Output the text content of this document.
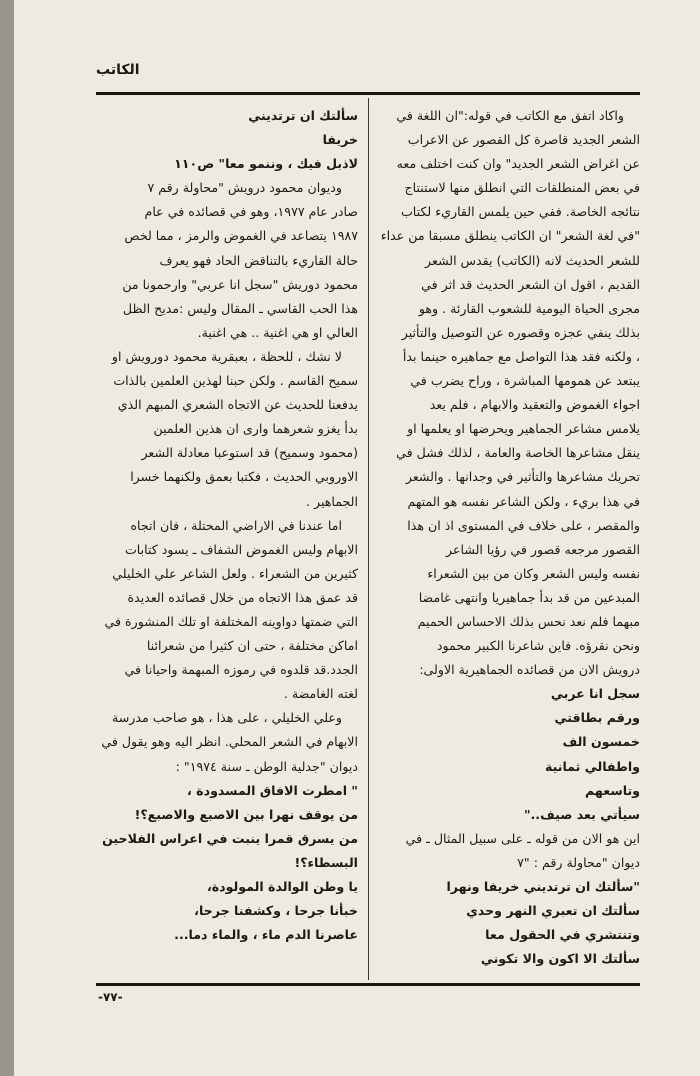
الكاتب
واكاد اتفق مع الكاتب في قوله:"ان اللغة في
الشعر الجديد قاصرة كل القصور عن الاعراب
عن اغراض الشعر الجديد" وان كنت اختلف معه
في بعض المنطلقات التي انطلق منها لاستنتاج
نتائجه الخاصة. ففي حين يلمس القاريء لكتاب
"في لغة الشعر" ان الكاتب ينطلق مسبقا من عداء
للشعر الحديث لانه (الكاتب) يقدس الشعر
القديم ، اقول ان الشعر الحديث قد اثر في
مجرى الحياة اليومية للشعوب القارئة . وهو
بذلك ينفي عجزه وقصوره عن التوصيل والتأثير
، ولكنه فقد هذا التواصل مع جماهيره حينما بدأ
يبتعد عن همومها المباشرة ، وراح يضرب في
اجواء الغموض والتعقيد والابهام ، فلم يعد
يلامس مشاعر الجماهير ويحرضها او يعلمها او
ينقل مشاعرها الخاصة والعامة ، لذلك فشل في
تحريك مشاعرها والتأثير في وجدانها . والشعر
في هذا بريء ، ولكن الشاعر نفسه هو المتهم
والمقصر ، على خلاف في المستوى اذ ان هذا
القصور مرجعه قصور في رؤيا الشاعر
نفسه وليس الشعر وكان من بين الشعراء
المبدعين من قد بدأ جماهيريا وانتهى غامضا
مبهما فلم نعد نحس بذلك الاحساس الحميم
ونحن نقرؤه. فاين شاعرنا الكبير محمود
درويش الان من قصائده الجماهيرية الاولى:
سجل انا عربي
ورقم بطاقتي
خمسون الف
واطفالي ثمانية
وتاسعهم
سيأتي بعد صيف.."
اين هو الان من قوله ـ على سبيل المثال ـ في
ديوان "محاولة رقم : "٧
"سألتك ان ترتديني خريفا ونهرا
سألتك ان تعبري النهر وحدي
وتنتشري في الحقول معا
سألتك الا اكون والا تكوني
سألتك ان ترتديني
خريفا
لاذبل فيك ، وننمو معا" ص١١٠
وديوان محمود درويش "محاولة رقم ٧
صادر عام ١٩٧٧، وهو في قصائده في عام
١٩٨٧ يتصاعد في الغموض والرمز ، مما لخص
حالة القاريء بالتناقض الحاد فهو يعرف
محمود دوريش "سجل انا عربي" وارحمونا من
هذا الحب القاسي ـ المقال وليس :مديح الظل
العالي او هي اغنية .. هي اغنية.
لا نشك ، للحظة ، بعبقرية محمود دورويش او
سميح القاسم . ولكن حبنا لهذين العلمين بالذات
يدفعنا للحديث عن الاتجاه الشعري المبهم الذي
بدأ يغزو شعرهما وارى ان هذين العلمين
(محمود وسميح) قد استوعبا معادلة الشعر
الاوروبي الحديث ، فكتبا بعمق ولكنهما خسرا
الجماهير .
اما عندنا في الاراضي المحتلة ، فان اتجاه
الابهام وليس الغموض الشفاف ـ يسود كتابات
كثيرين من الشعراء . ولعل الشاعر علي الخليلي
قد عمق هذا الاتجاه من خلال قصائده العديدة
التي ضمتها دواوينه المختلفة او تلك المنشورة في
اماكن مختلفة ، حتى ان كثيرا من شعرائنا
الجدد.قد قلدوه في رموزه المبهمة واحيانا في
لغته الغامضة .
وعلي الخليلي ، على هذا ، هو صاحب مدرسة
الابهام في الشعر المحلي. انظر اليه وهو يقول في
ديوان "جدلية الوطن ـ سنة ١٩٧٤" :
" امطرت الافاق المسدودة ،
من يوقف نهرا بين الاصبع والاصبع؟!
من يسرق قمرا ينبت في اعراس الفلاحين
البسطاء؟!
يا وطن الوالدة المولودة،
خبأنا جرحا ، وكشفنا جرحا،
عاصرنا الدم ماء ، والماء دما...
-٧٧-
